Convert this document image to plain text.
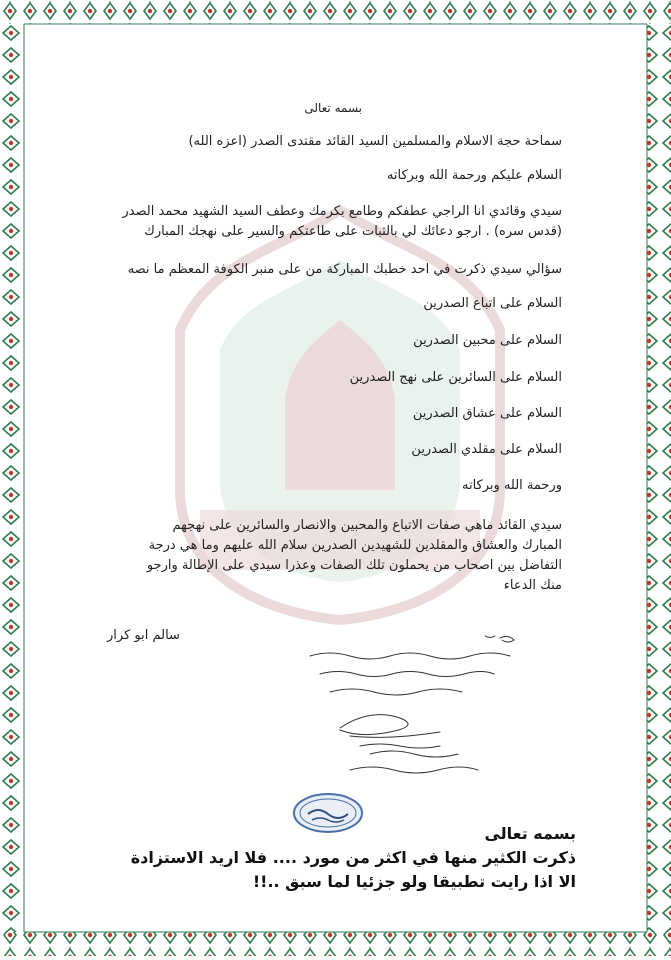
بسمه تعالى
سماحة حجة الاسلام والمسلمين السيد القائد مقتدى الصدر (اعزه الله)
السلام عليكم ورحمة الله وبركاته
سيدي وقائدي انا الراجي عطفكم وطامع بكرمك وعطف السيد الشهيد محمد الصدر
(قدس سره) . ارجو دعائك لي بالثبات على طاعتكم والسير على نهجك المبارك
سؤالي سيدي ذكرت في احد خطبك المباركة من على منبر الكوفة المعظم ما نصه
السلام على اتباع الصدرين
السلام على محبين الصدرين
السلام على السائرين على نهج الصدرين
السلام على عشاق الصدرين
السلام على مقلدي الصدرين
ورحمة الله وبركاته
سيدي القائد ماهي صفات الاتباع والمحبين والانصار والسائرين على نهجهم
المبارك والعشاق والمقلدين للشهيدين الصدرين سلام الله عليهم وما هي درجة
التفاضل بين اصحاب من يحملون تلك الصفات وعذرا سيدي على الإطالة وارجو
منك الدعاء
سالم ابو كرار
بسمه تعالى
ذكرت الكثير منها في اكثر من مورد .... فلا اريد الاستزادة
الا اذا رايت تطبيقا ولو جزئيا لما سبق ..!!
